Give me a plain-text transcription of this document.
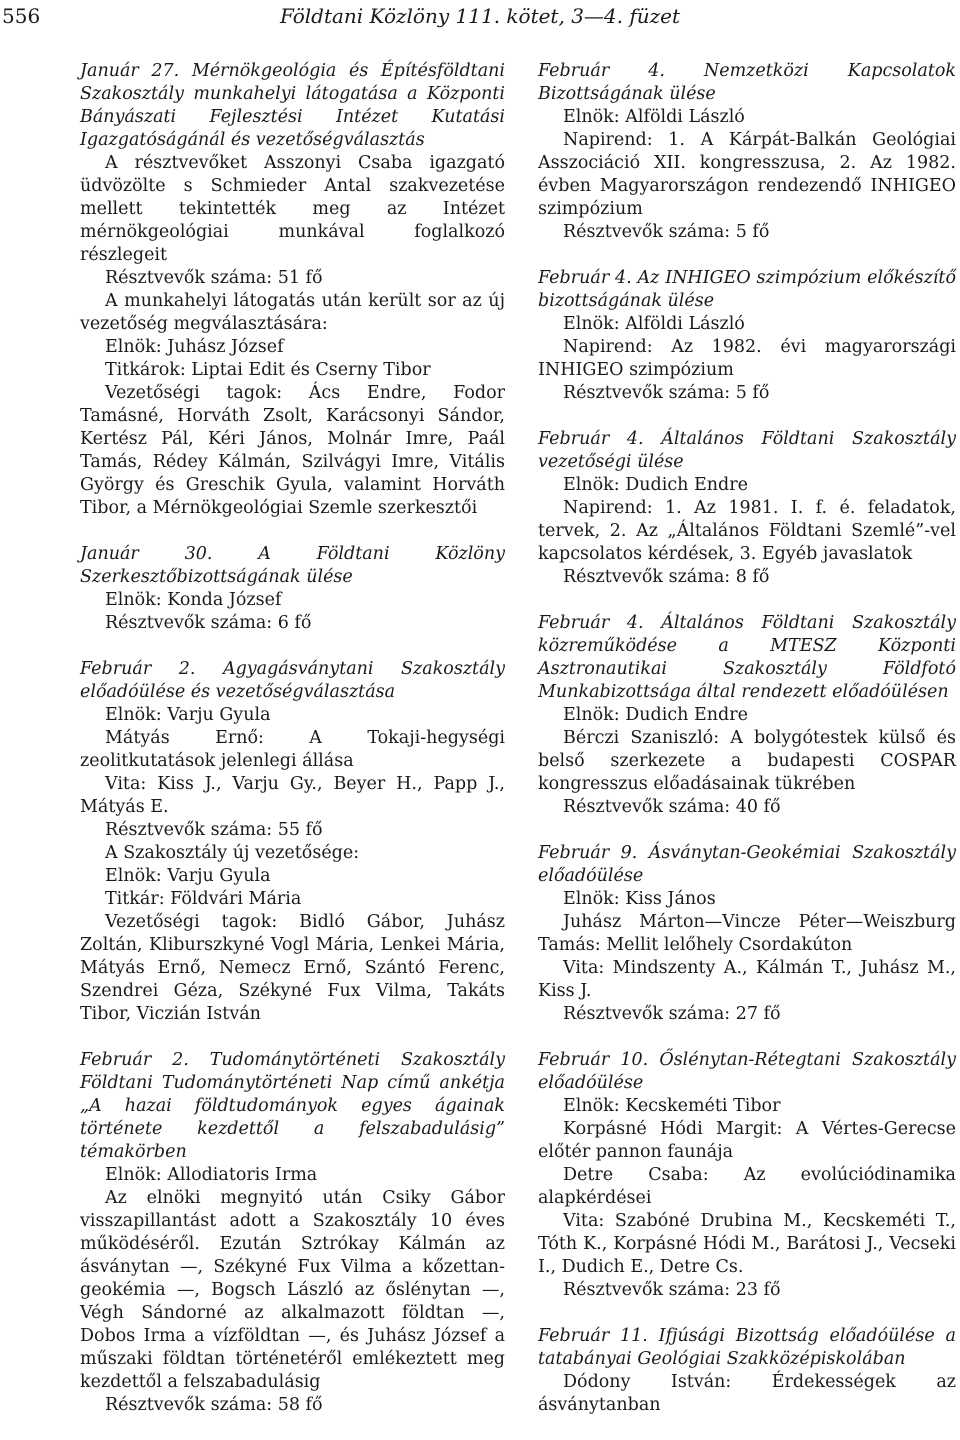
556	Földtani Közlöny 111. kötet, 3—4. füzet

Január 27. Mérnökgeológia és Építésföldtani Szakosztály munkahelyi látogatása a Központi Bányászati Fejlesztési Intézet Kutatási Igazgatóságánál és vezetőségválasztás

A résztvevőket Asszonyi Csaba igazgató üdvözölte s Schmieder Antal szakvezetése mellett tekintették meg az Intézet mérnökgeológiai munkával foglalkozó részlegeit

Résztvevők száma: 51 fő

A munkahelyi látogatás után került sor az új vezetőség megválasztására:

Elnök: Juhász József

Titkárok: Liptai Edit és Cserny Tibor

Vezetőségi tagok: Ács Endre, Fodor Tamásné, Horváth Zsolt, Karácsonyi Sándor, Kertész Pál, Kéri János, Molnár Imre, Paál Tamás, Rédey Kálmán, Szilvágyi Imre, Vitális György és Greschik Gyula, valamint Horváth Tibor, a Mérnökgeológiai Szemle szerkesztői

Január 30. A Földtani Közlöny Szerkesztőbizottságának ülése

Elnök: Konda József

Résztvevők száma: 6 fő

Február 2. Agyagásványtani Szakosztály előadóülése és vezetőségválasztása

Elnök: Varju Gyula

Mátyás Ernő: A Tokaji-hegységi zeolitkutatások jelenlegi állása

Vita: Kiss J., Varju Gy., Beyer H., Papp J., Mátyás E.

Résztvevők száma: 55 fő

A Szakosztály új vezetősége:

Elnök: Varju Gyula

Titkár: Földvári Mária

Vezetőségi tagok: Bidló Gábor, Juhász Zoltán, Kliburszkyné Vogl Mária, Lenkei Mária, Mátyás Ernő, Nemecz Ernő, Szántó Ferenc, Szendrei Géza, Székyné Fux Vilma, Takáts Tibor, Viczián István

Február 2. Tudománytörténeti Szakosztály Földtani Tudománytörténeti Nap című ankétja „A hazai földtudományok egyes ágainak története kezdettől a felszabadulásig” témakörben

Elnök: Allodiatoris Irma

Az elnöki megnyitó után Csiky Gábor visszapillantást adott a Szakosztály 10 éves működéséről. Ezután Sztrókay Kálmán az ásványtan —, Székyné Fux Vilma a kőzettan-geokémia —, Bogsch László az őslénytan —, Végh Sándorné az alkalmazott földtan —, Dobos Irma a vízföldtan —, és Juhász József a műszaki földtan történetéről emlékeztett meg kezdettől a felszabadulásig

Résztvevők száma: 58 fő

Február 4. Nemzetközi Kapcsolatok Bizottságának ülése

Elnök: Alföldi László

Napirend: 1. A Kárpát-Balkán Geológiai Asszociáció XII. kongresszusa, 2. Az 1982. évben Magyarországon rendezendő INHIGEO szimpózium

Résztvevők száma: 5 fő

Február 4. Az INHIGEO szimpózium előkészítő bizottságának ülése

Elnök: Alföldi László

Napirend: Az 1982. évi magyarországi INHIGEO szimpózium

Résztvevők száma: 5 fő

Február 4. Általános Földtani Szakosztály vezetőségi ülése

Elnök: Dudich Endre

Napirend: 1. Az 1981. I. f. é. feladatok, tervek, 2. Az „Általános Földtani Szemlé”-vel kapcsolatos kérdések, 3. Egyéb javaslatok

Résztvevők száma: 8 fő

Február 4. Általános Földtani Szakosztály közreműködése a MTESZ Központi Asztronautikai Szakosztály Földfotó Munkabizottsága által rendezett előadóülésen

Elnök: Dudich Endre

Bérczi Szaniszló: A bolygótestek külső és belső szerkezete a budapesti COSPAR kongresszus előadásainak tükrében

Résztvevők száma: 40 fő

Február 9. Ásványtan-Geokémiai Szakosztály előadóülése

Elnök: Kiss János

Juhász Márton—Vincze Péter—Weiszburg Tamás: Mellit lelőhely Csordakúton

Vita: Mindszenty A., Kálmán T., Juhász M., Kiss J.

Résztvevők száma: 27 fő

Február 10. Őslénytan-Rétegtani Szakosztály előadóülése

Elnök: Kecskeméti Tibor

Korpásné Hódi Margit: A Vértes-Gerecse előtér pannon faunája

Detre Csaba: Az evolúciódinamika alapkérdései

Vita: Szabóné Drubina M., Kecskeméti T., Tóth K., Korpásné Hódi M., Barátosi J., Vecseki I., Dudich E., Detre Cs.

Résztvevők száma: 23 fő

Február 11. Ifjúsági Bizottság előadóülése a tatabányai Geológiai Szakközépiskolában

Dódony István: Érdekességek az ásványtanban
